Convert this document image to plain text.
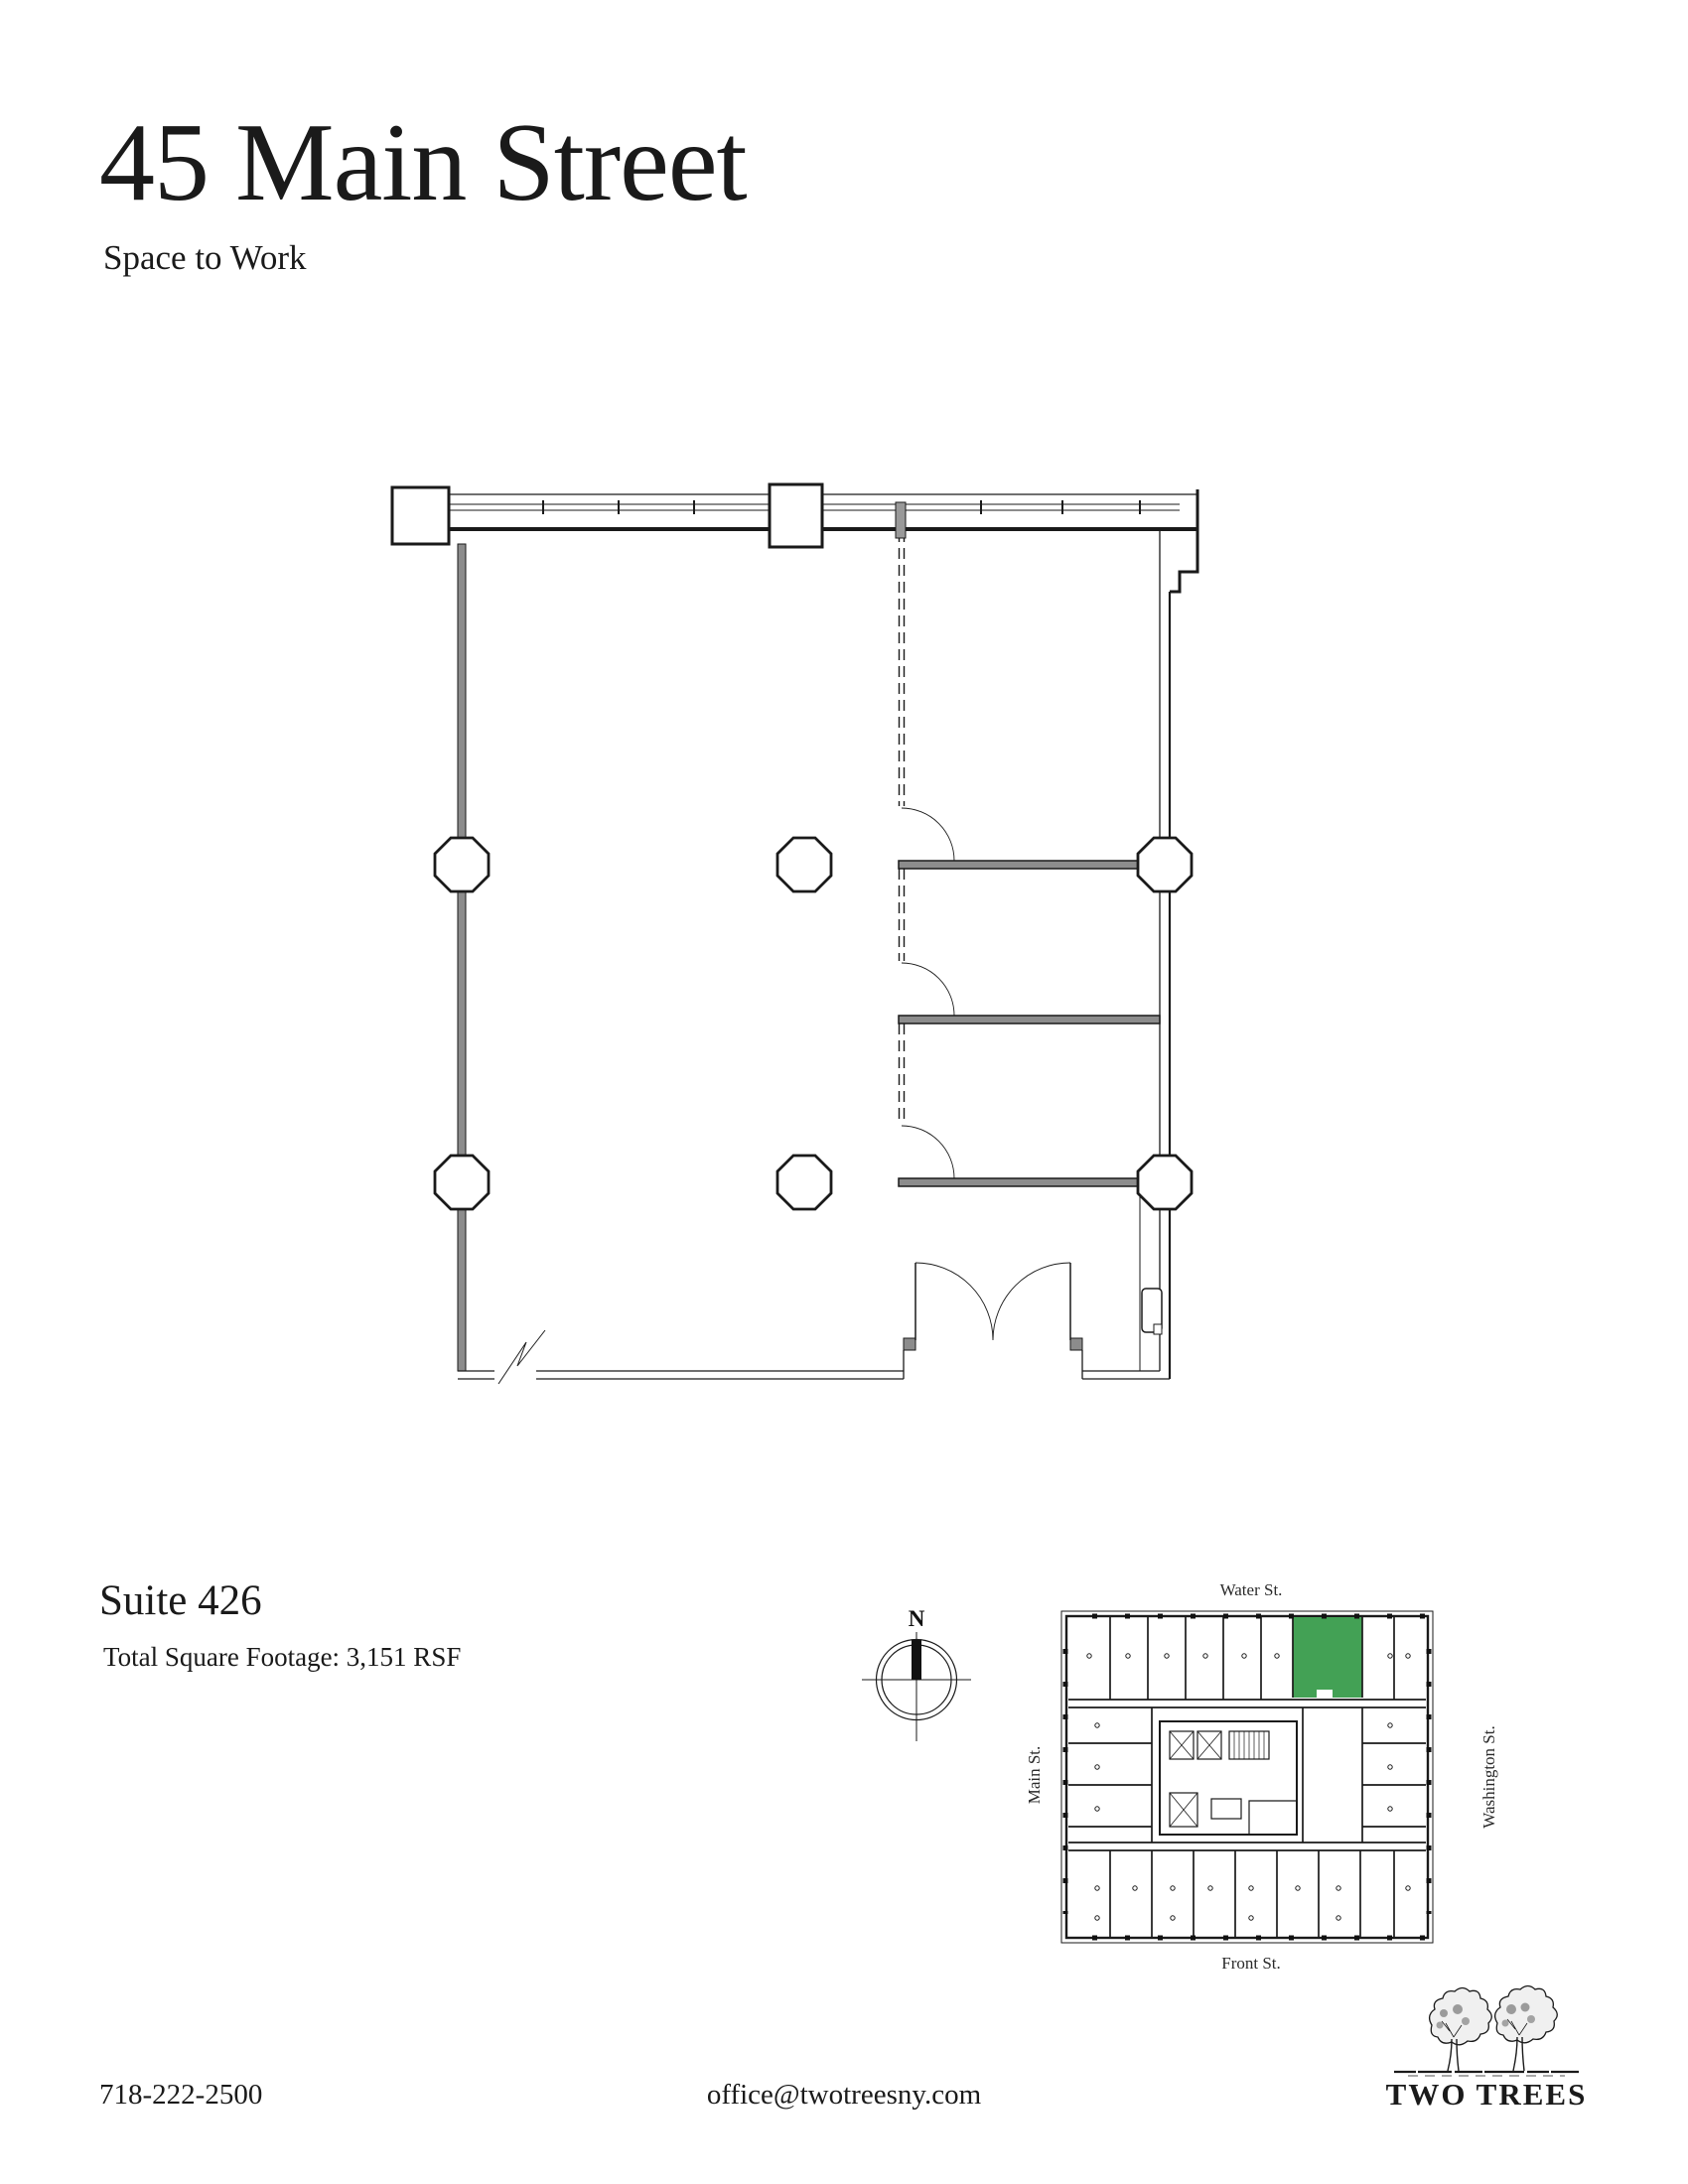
45 Main Street
Space to Work
Suite 426
Total Square Footage: 3,151 RSF
N
Water St.
Main St.	Washington St.
Front St.
718-222-2500	office@twotreesny.com	TWO TREES
